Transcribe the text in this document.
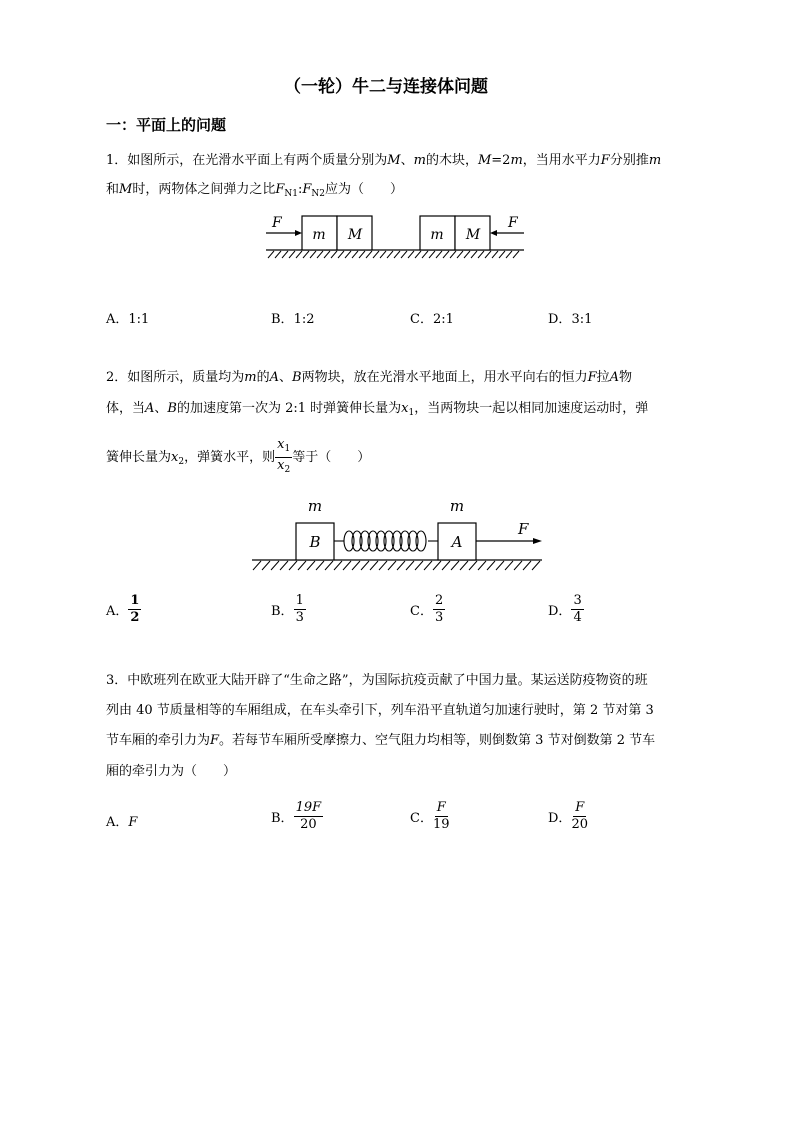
（一轮）牛二与连接体问题
一：平面上的问题
1．如图所示，在光滑水平面上有两个质量分别为M、m的木块，M=2m，当用水平力F分别推m
和M时，两物体之间弹力之比$F_{N1}:F_{N2}$应为（　　）
m M
F
m M
F
A．1:1	B．1:2	C．2:1	D．3:1
2．如图所示，质量均为m的A、B两物块，放在光滑水平地面上，用水平向右的恒力F拉A物
体，当A、B的加速度第一次为 2:1 时弹簧伸长量为$x_1$，当两物块一起以相同加速度运动时，弹
簧伸长量为$x_2$，弹簧水平，则 $\frac{x_1}{x_2}$ 等于（　　）
B
m
A
m
F
A． $\frac{1}{2}$	B． $\frac{1}{3}$	C． $\frac{2}{3}$	D． $\frac{3}{4}$
3．中欧班列在欧亚大陆开辟了“生命之路”，为国际抗疫贡献了中国力量。某运送防疫物资的班
列由 40 节质量相等的车厢组成，在车头牵引下，列车沿平直轨道匀加速行驶时，第 2 节对第 3
节车厢的牵引力为F。若每节车厢所受摩擦力、空气阻力均相等，则倒数第 3 节对倒数第 2 节车
厢的牵引力为（　　）
A．F	B． $\frac{19F}{20}$	C． $\frac{F}{19}$	D． $\frac{F}{20}$
